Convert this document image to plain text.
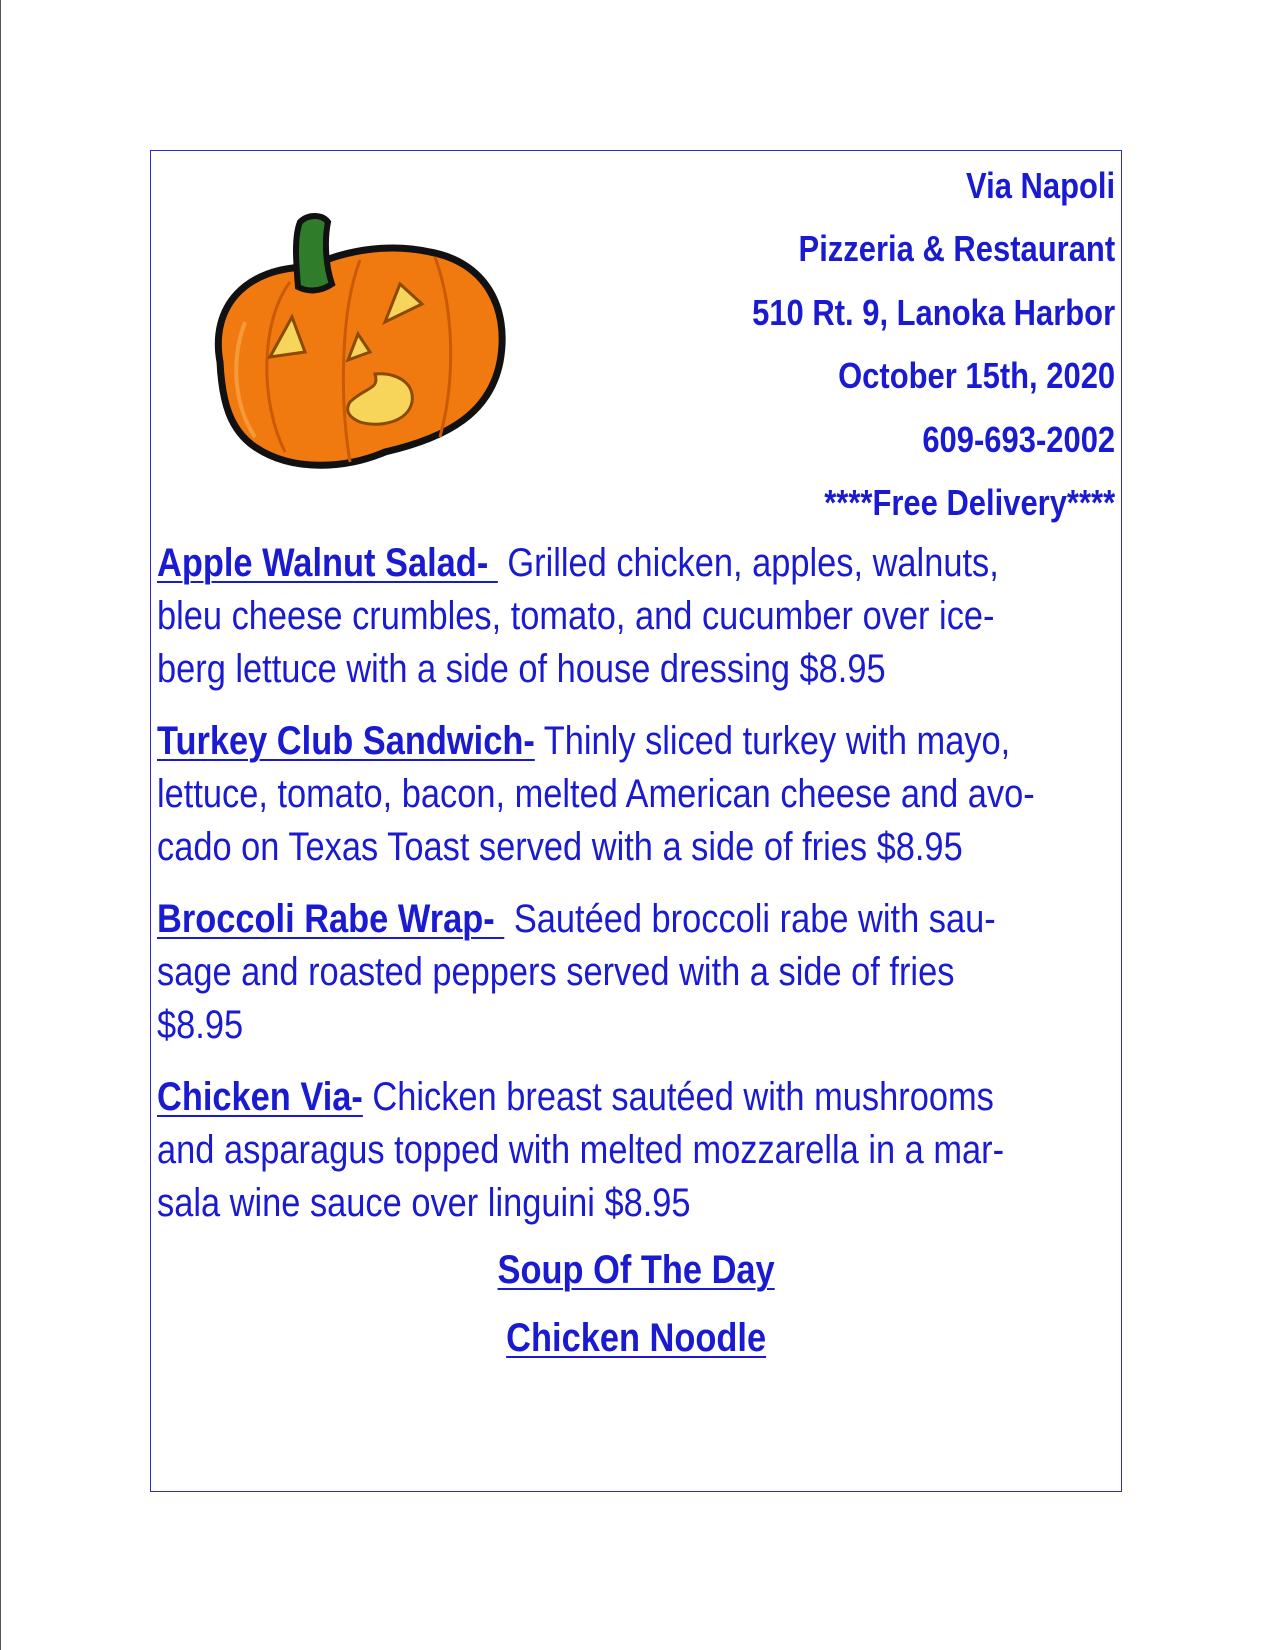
Via Napoli
Pizzeria & Restaurant
510 Rt. 9, Lanoka Harbor
October 15th, 2020
609-693-2002
****Free Delivery****
Apple Walnut Salad-  Grilled chicken, apples, walnuts,
bleu cheese crumbles, tomato, and cucumber over ice-
berg lettuce with a side of house dressing $8.95
Turkey Club Sandwich- Thinly sliced turkey with mayo,
lettuce, tomato, bacon, melted American cheese and avo-
cado on Texas Toast served with a side of fries $8.95
Broccoli Rabe Wrap-  Sautéed broccoli rabe with sau-
sage and roasted peppers served with a side of fries
$8.95
Chicken Via- Chicken breast sautéed with mushrooms
and asparagus topped with melted mozzarella in a mar-
sala wine sauce over linguini $8.95
Soup Of The Day
Chicken Noodle
